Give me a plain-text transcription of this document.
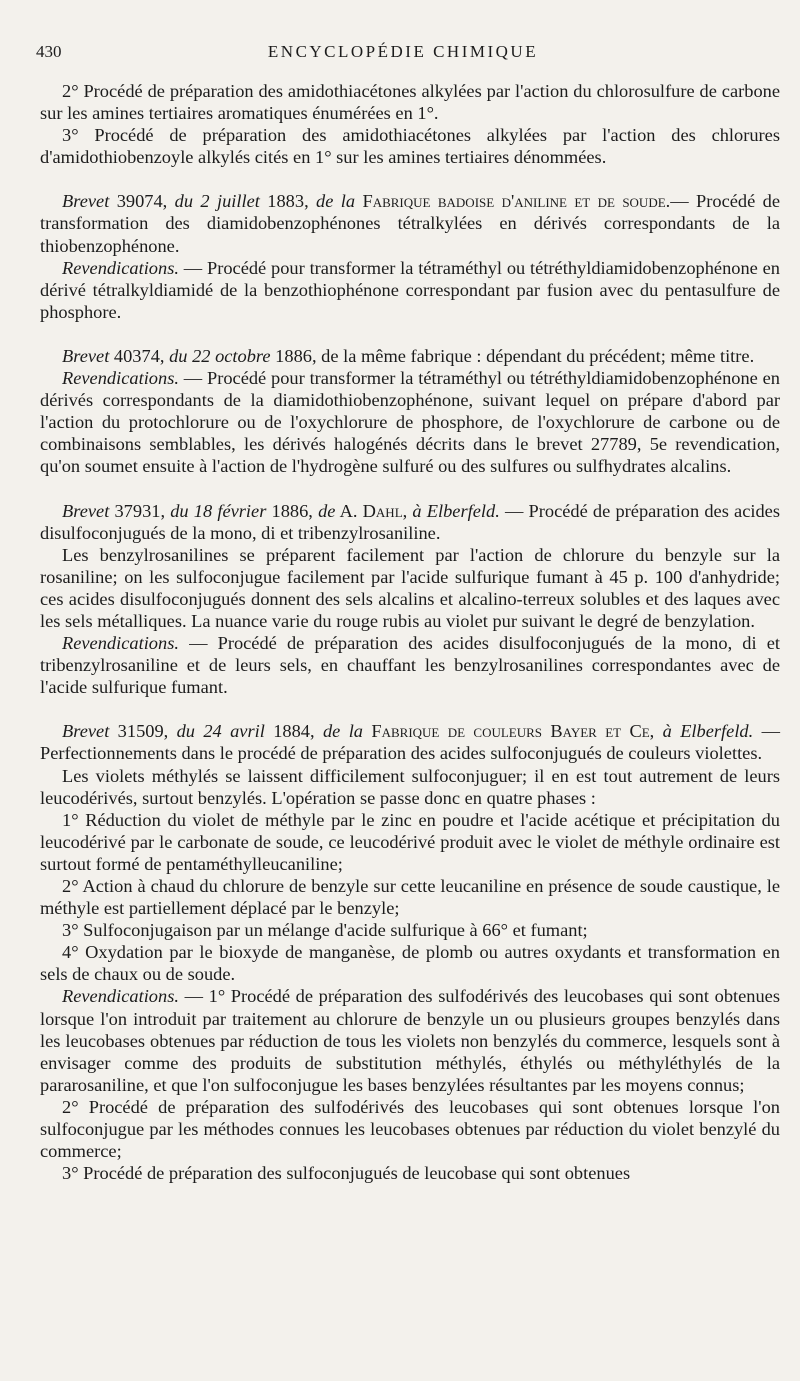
430	ENCYCLOPÉDIE CHIMIQUE

2° Procédé de préparation des amidothiacétones alkylées par l'action du chlorosulfure de carbone sur les amines tertiaires aromatiques énumérées en 1°.

3° Procédé de préparation des amidothiacétones alkylées par l'action des chlorures d'amidothiobenzoyle alkylés cités en 1° sur les amines tertiaires dénommées.

Brevet 39074, du 2 juillet 1883, de la Fabrique badoise d'aniline et de soude.— Procédé de transformation des diamidobenzophénones tétralkylées en dérivés correspondants de la thiobenzophénone.

Revendications. — Procédé pour transformer la tétraméthyl ou tétréthyldiamidobenzophénone en dérivé tétralkyldiamidé de la benzothiophénone correspondant par fusion avec du pentasulfure de phosphore.

Brevet 40374, du 22 octobre 1886, de la même fabrique : dépendant du précédent; même titre.

Revendications. — Procédé pour transformer la tétraméthyl ou tétréthyldiamidobenzophénone en dérivés correspondants de la diamidothiobenzophénone, suivant lequel on prépare d'abord par l'action du protochlorure ou de l'oxychlorure de phosphore, de l'oxychlorure de carbone ou de combinaisons semblables, les dérivés halogénés décrits dans le brevet 27789, 5e revendication, qu'on soumet ensuite à l'action de l'hydrogène sulfuré ou des sulfures ou sulfhydrates alcalins.

Brevet 37931, du 18 février 1886, de A. Dahl, à Elberfeld. — Procédé de préparation des acides disulfoconjugués de la mono, di et tribenzylrosaniline.

Les benzylrosanilines se préparent facilement par l'action de chlorure du benzyle sur la rosaniline; on les sulfoconjugue facilement par l'acide sulfurique fumant à 45 p. 100 d'anhydride; ces acides disulfoconjugués donnent des sels alcalins et alcalino-terreux solubles et des laques avec les sels métalliques. La nuance varie du rouge rubis au violet pur suivant le degré de benzylation.

Revendications. — Procédé de préparation des acides disulfoconjugués de la mono, di et tribenzylrosaniline et de leurs sels, en chauffant les benzylrosanilines correspondantes avec de l'acide sulfurique fumant.

Brevet 31509, du 24 avril 1884, de la Fabrique de couleurs Bayer et Ce, à Elberfeld. — Perfectionnements dans le procédé de préparation des acides sulfoconjugués de couleurs violettes.

Les violets méthylés se laissent difficilement sulfoconjuguer; il en est tout autrement de leurs leucodérivés, surtout benzylés. L'opération se passe donc en quatre phases :

1° Réduction du violet de méthyle par le zinc en poudre et l'acide acétique et précipitation du leucodérivé par le carbonate de soude, ce leucodérivé produit avec le violet de méthyle ordinaire est surtout formé de pentaméthylleucaniline;

2° Action à chaud du chlorure de benzyle sur cette leucaniline en présence de soude caustique, le méthyle est partiellement déplacé par le benzyle;

3° Sulfoconjugaison par un mélange d'acide sulfurique à 66° et fumant;

4° Oxydation par le bioxyde de manganèse, de plomb ou autres oxydants et transformation en sels de chaux ou de soude.

Revendications. — 1° Procédé de préparation des sulfodérivés des leucobases qui sont obtenues lorsque l'on introduit par traitement au chlorure de benzyle un ou plusieurs groupes benzylés dans les leucobases obtenues par réduction de tous les violets non benzylés du commerce, lesquels sont à envisager comme des produits de substitution méthylés, éthylés ou méthyléthylés de la pararosaniline, et que l'on sulfoconjugue les bases benzylées résultantes par les moyens connus;

2° Procédé de préparation des sulfodérivés des leucobases qui sont obtenues lorsque l'on sulfoconjugue par les méthodes connues les leucobases obtenues par réduction du violet benzylé du commerce;

3° Procédé de préparation des sulfoconjugués de leucobase qui sont obtenues
